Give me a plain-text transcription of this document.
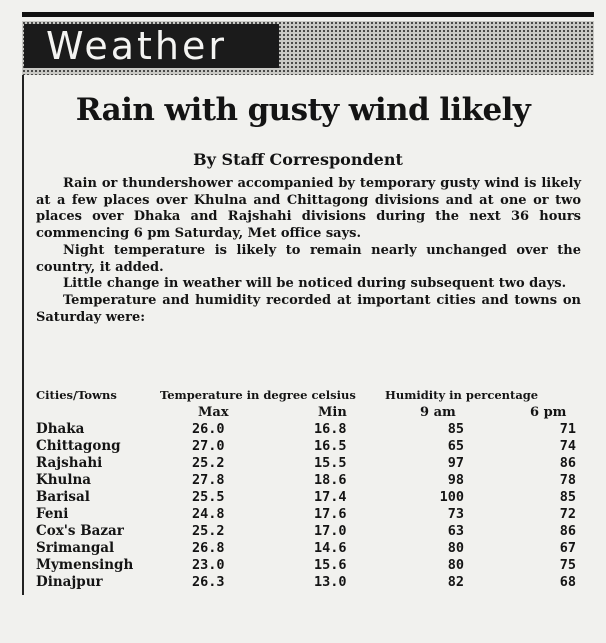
Weather
Rain with gusty wind likely
By Staff Correspondent

Rain or thundershower accompanied by temporary gusty wind is likely at a few places over Khulna and Chittagong divisions and at one or two places over Dhaka and Rajshahi divisions during the next 36 hours commencing 6 pm Saturday, Met office says.

Night temperature is likely to remain nearly unchanged over the country, it added.

Little change in weather will be noticed during subsequent two days.

Temperature and humidity recorded at important cities and towns on Saturday were:

Cities/Towns	Temperature in degree celsius	Humidity in percentage
Max	Min	9 am	6 pm
Dhaka	26.0	16.8	85	71
Chittagong	27.0	16.5	65	74
Rajshahi	25.2	15.5	97	86
Khulna	27.8	18.6	98	78
Barisal	25.5	17.4	100	85
Feni	24.8	17.6	73	72
Cox's Bazar	25.2	17.0	63	86
Srimangal	26.8	14.6	80	67
Mymensingh	23.0	15.6	80	75
Dinajpur	26.3	13.0	82	68
